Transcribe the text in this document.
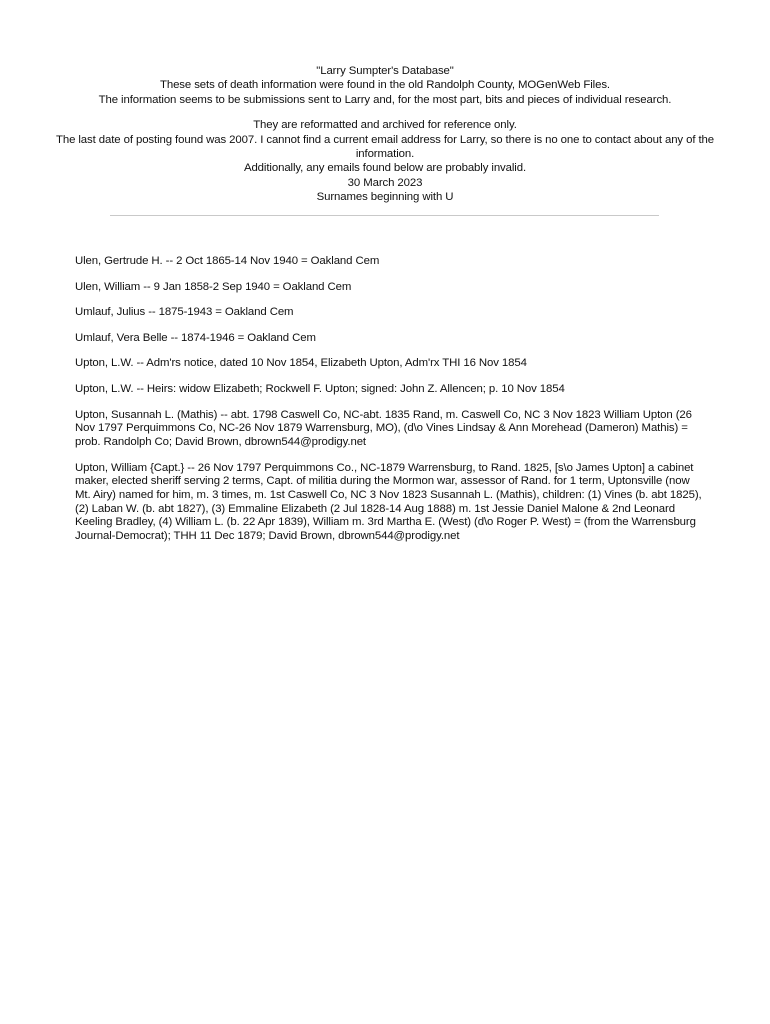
"Larry Sumpter's Database"

These sets of death information were found in the old Randolph County, MOGenWeb Files.

The information seems to be submissions sent to Larry and, for the most part, bits and pieces of individual research.

They are reformatted and archived for reference only.

The last date of posting found was 2007. I cannot find a current email address for Larry, so there is no one to contact about any of the information.

Additionally, any emails found below are probably invalid.

30 March 2023

Surnames beginning with U

Ulen, Gertrude H. -- 2 Oct 1865-14 Nov 1940 = Oakland Cem

Ulen, William -- 9 Jan 1858-2 Sep 1940 = Oakland Cem

Umlauf, Julius -- 1875-1943 = Oakland Cem

Umlauf, Vera Belle -- 1874-1946 = Oakland Cem

Upton, L.W. -- Adm'rs notice, dated 10 Nov 1854, Elizabeth Upton, Adm'rx THI 16 Nov 1854

Upton, L.W. -- Heirs: widow Elizabeth; Rockwell F. Upton; signed: John Z. Allencen; p. 10 Nov 1854

Upton, Susannah L. (Mathis) -- abt. 1798 Caswell Co, NC-abt. 1835 Rand, m. Caswell Co, NC 3 Nov 1823 William Upton (26 Nov 1797 Perquimmons Co, NC-26 Nov 1879 Warrensburg, MO), (d\o Vines Lindsay & Ann Morehead (Dameron) Mathis) = prob. Randolph Co; David Brown, dbrown544@prodigy.net

Upton, William {Capt.} -- 26 Nov 1797 Perquimmons Co., NC-1879 Warrensburg, to Rand. 1825, [s\o James Upton] a cabinet maker, elected sheriff serving 2 terms, Capt. of militia during the Mormon war, assessor of Rand. for 1 term, Uptonsville (now Mt. Airy) named for him, m. 3 times, m. 1st Caswell Co, NC 3 Nov 1823 Susannah L. (Mathis), children: (1) Vines (b. abt 1825), (2) Laban W. (b. abt 1827), (3) Emmaline Elizabeth (2 Jul 1828-14 Aug 1888) m. 1st Jessie Daniel Malone & 2nd Leonard Keeling Bradley, (4) William L. (b. 22 Apr 1839), William m. 3rd Martha E. (West) (d\o Roger P. West) = (from the Warrensburg Journal-Democrat); THH 11 Dec 1879; David Brown, dbrown544@prodigy.net
